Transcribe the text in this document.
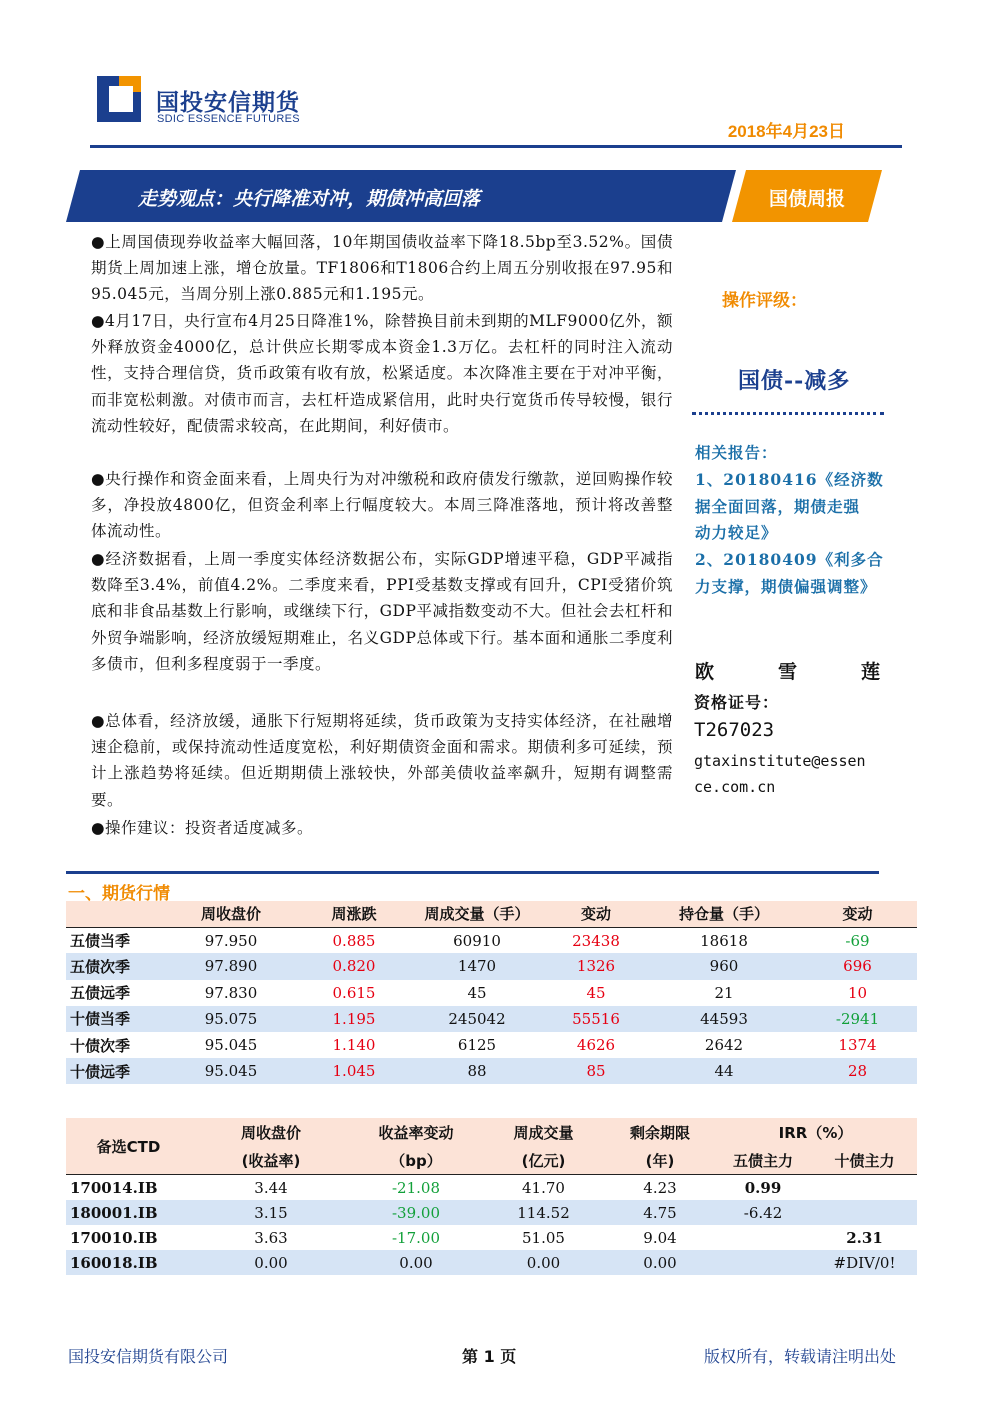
国投安信期货
SDIC ESSENCE FUTURES
2018年4月23日
走势观点：央行降准对冲，期债冲高回落	国债周报

●上周国债现券收益率大幅回落，10年期国债收益率下降18.5bp至3.52%。国债期货上周加速上涨，增仓放量。TF1806和T1806合约上周五分别收报在97.95和95.045元，当周分别上涨0.885元和1.195元。

●4月17日，央行宣布4月25日降准1%，除替换目前未到期的MLF9000亿外，额外释放资金4000亿，总计供应长期零成本资金1.3万亿。去杠杆的同时注入流动性，支持合理信贷，货币政策有收有放，松紧适度。本次降准主要在于对冲平衡，而非宽松刺激。对债市而言，去杠杆造成紧信用，此时央行宽货币传导较慢，银行流动性较好，配债需求较高，在此期间，利好债市。

●央行操作和资金面来看，上周央行为对冲缴税和政府债发行缴款，逆回购操作较多，净投放4800亿，但资金利率上行幅度较大。本周三降准落地，预计将改善整体流动性。

●经济数据看，上周一季度实体经济数据公布，实际GDP增速平稳，GDP平减指数降至3.4%，前值4.2%。二季度来看，PPI受基数支撑或有回升，CPI受猪价筑底和非食品基数上行影响，或继续下行，GDP平减指数变动不大。但社会去杠杆和外贸争端影响，经济放缓短期难止，名义GDP总体或下行。基本面和通胀二季度利多债市，但利多程度弱于一季度。

●总体看，经济放缓，通胀下行短期将延续，货币政策为支持实体经济，在社融增速企稳前，或保持流动性适度宽松，利好期债资金面和需求。期债利多可延续，预计上涨趋势将延续。但近期期债上涨较快，外部美债收益率飙升，短期有调整需要。

●操作建议：投资者适度减多。

操作评级：
国债--减多
相关报告：
1、20180416《经济数
据全面回落，期债走强
动力较足》
2、20180409《利多合
力支撑，期债偏强调整》
欧	雪	莲
资格证号：
T267023
gtaxinstitute@essen
ce.com.cn
一、期货行情
	周收盘价	周涨跌	周成交量（手）	变动	持仓量（手）	变动
五债当季	97.950	0.885	60910	23438	18618	-69
五债次季	97.890	0.820	1470	1326	960	696
五债远季	97.830	0.615	45	45	21	10
十债当季	95.075	1.195	245042	55516	44593	-2941
十债次季	95.045	1.140	6125	4626	2642	1374
十债远季	95.045	1.045	88	85	44	28
备选CTD	周收盘价	收益率变动	周成交量	剩余期限	IRR（%）	
	(收益率)	（bp）	(亿元)	(年)	五债主力	十债主力
170014.IB	3.44	-21.08	41.70	4.23	0.99	
180001.IB	3.15	-39.00	114.52	4.75	-6.42	
170010.IB	3.63	-17.00	51.05	9.04		2.31
160018.IB	0.00	0.00	0.00	0.00		#DIV/0!
国投安信期货有限公司	第 1 页	版权所有，转载请注明出处
